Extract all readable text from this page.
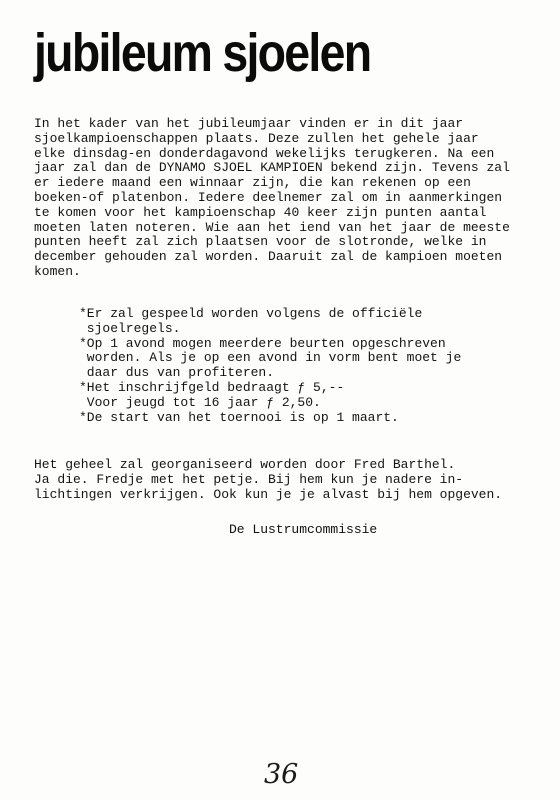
jubileum sjoelen
In het kader van het jubileumjaar vinden er in dit jaar
sjoelkampioenschappen plaats. Deze zullen het gehele jaar
elke dinsdag-en donderdagavond wekelijks terugkeren. Na een
jaar zal dan de DYNAMO SJOEL KAMPIOEN bekend zijn. Tevens zal
er iedere maand een winnaar zijn, die kan rekenen op een
boeken-of platenbon. Iedere deelnemer zal om in aanmerkingen
te komen voor het kampioenschap 40 keer zijn punten aantal
moeten laten noteren. Wie aan het iend van het jaar de meeste
punten heeft zal zich plaatsen voor de slotronde, welke in
december gehouden zal worden. Daaruit zal de kampioen moeten
komen.
*Er zal gespeeld worden volgens de officiële
sjoelregels.
*Op 1 avond mogen meerdere beurten opgeschreven
worden. Als je op een avond in vorm bent moet je
daar dus van profiteren.
*Het inschrijfgeld bedraagt ƒ 5,--
Voor jeugd tot 16 jaar ƒ 2,50.
*De start van het toernooi is op 1 maart.
Het geheel zal georganiseerd worden door Fred Barthel.
Ja die. Fredje met het petje. Bij hem kun je nadere in-
lichtingen verkrijgen. Ook kun je je alvast bij hem opgeven.
De Lustrumcommissie
36
